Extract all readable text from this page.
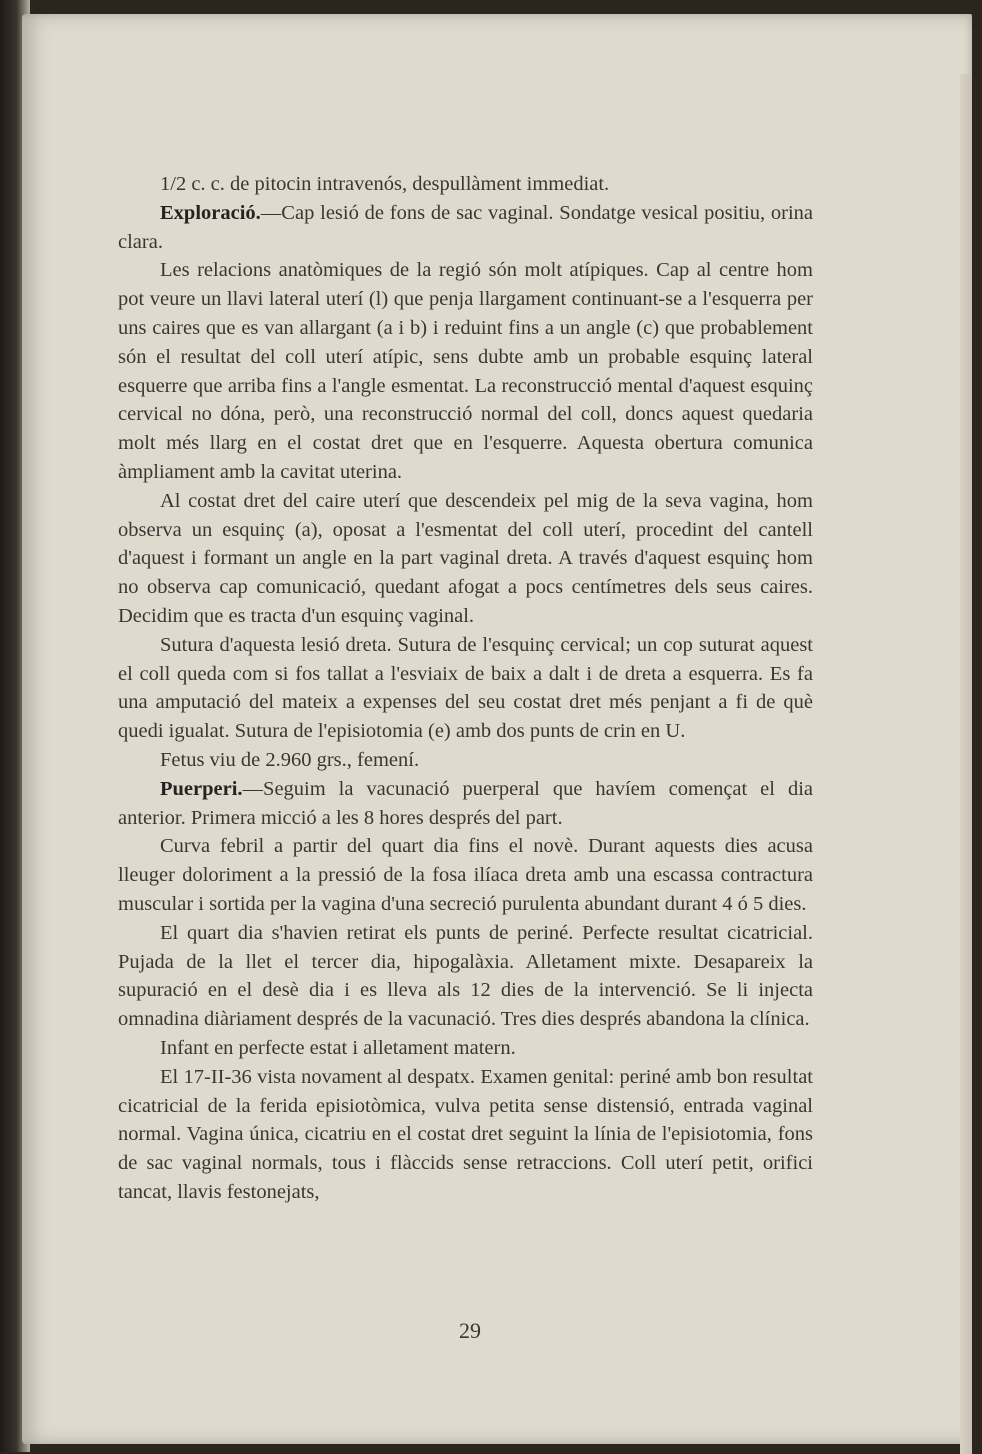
1/2 c. c. de pitocin intravenós, despullàment immediat.

Exploració.—Cap lesió de fons de sac vaginal. Sondatge vesical positiu, orina clara.

Les relacions anatòmiques de la regió són molt atípiques. Cap al centre hom pot veure un llavi lateral uterí (l) que penja llargament continuant-se a l'esquerra per uns caires que es van allargant (a i b) i reduint fins a un angle (c) que probablement són el resultat del coll uterí atípic, sens dubte amb un probable esquinç lateral esquerre que arriba fins a l'angle esmentat. La reconstrucció mental d'aquest esquinç cervical no dóna, però, una reconstrucció normal del coll, doncs aquest quedaria molt més llarg en el costat dret que en l'esquerre. Aquesta obertura comunica àmpliament amb la cavitat uterina.

Al costat dret del caire uterí que descendeix pel mig de la seva vagina, hom observa un esquinç (a), oposat a l'esmentat del coll uterí, procedint del cantell d'aquest i formant un angle en la part vaginal dreta. A través d'aquest esquinç hom no observa cap comunicació, quedant afogat a pocs centímetres dels seus caires. Decidim que es tracta d'un esquinç vaginal.

Sutura d'aquesta lesió dreta. Sutura de l'esquinç cervical; un cop suturat aquest el coll queda com si fos tallat a l'esviaix de baix a dalt i de dreta a esquerra. Es fa una amputació del mateix a expenses del seu costat dret més penjant a fi de què quedi igualat. Sutura de l'episiotomia (e) amb dos punts de crin en U.

Fetus viu de 2.960 grs., femení.

Puerperi.—Seguim la vacunació puerperal que havíem començat el dia anterior. Primera micció a les 8 hores després del part.

Curva febril a partir del quart dia fins el novè. Durant aquests dies acusa lleuger doloriment a la pressió de la fosa ilíaca dreta amb una escassa contractura muscular i sortida per la vagina d'una secreció purulenta abundant durant 4 ó 5 dies.

El quart dia s'havien retirat els punts de periné. Perfecte resultat cicatricial. Pujada de la llet el tercer dia, hipogalàxia. Alletament mixte. Desapareix la supuració en el desè dia i es lleva als 12 dies de la intervenció. Se li injecta omnadina diàriament després de la vacunació. Tres dies després abandona la clínica.

Infant en perfecte estat i alletament matern.

El 17-II-36 vista novament al despatx. Examen genital: periné amb bon resultat cicatricial de la ferida episiotòmica, vulva petita sense distensió, entrada vaginal normal. Vagina única, cicatriu en el costat dret seguint la línia de l'episiotomia, fons de sac vaginal normals, tous i flàccids sense retraccions. Coll uterí petit, orifici tancat, llavis festonejats,

29
